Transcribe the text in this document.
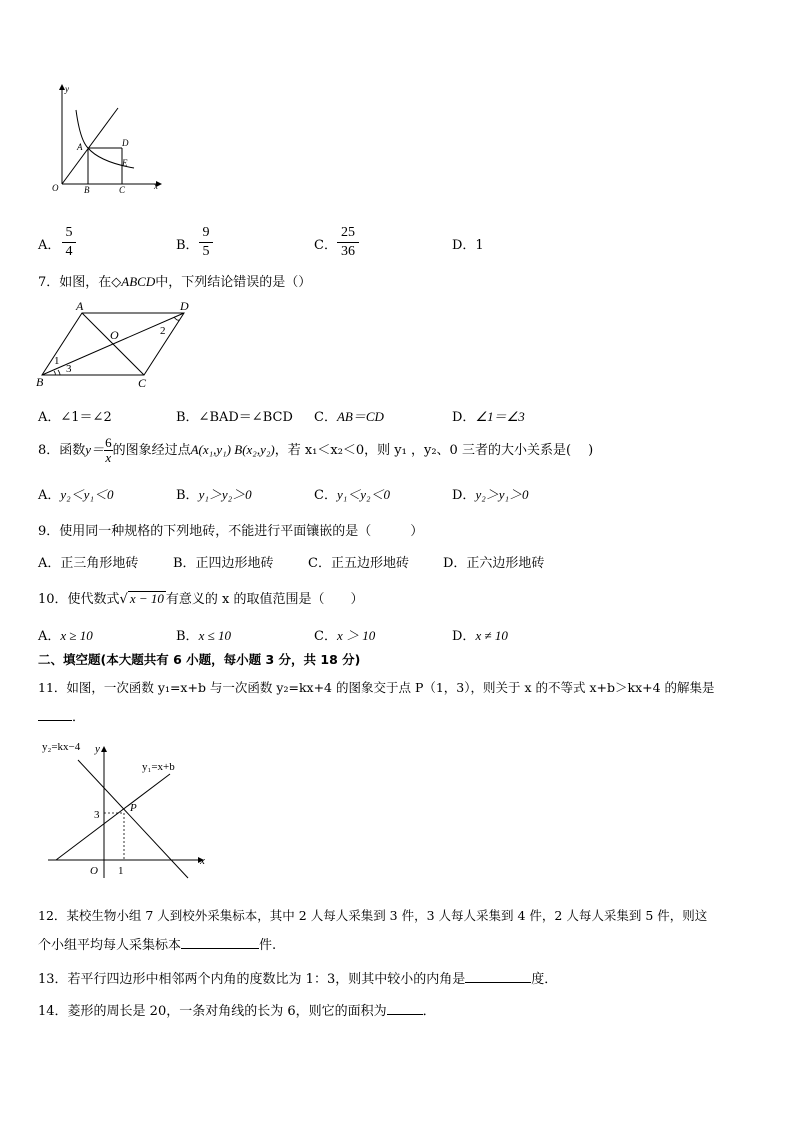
y
x
O
A
B	C
D
E
A． $\frac{5}{4}$	B． $\frac{9}{5}$	C． $\frac{25}{36}$	D．1
7．如图，在◇ABCD中，下列结论错误的是（）
A	D
B	C
O
1
2
3
A．∠1＝∠2	B．∠BAD＝∠BCD C．AB＝CD	D．∠1＝∠3
8．函数$y= \frac{6}{x}$ 的图象经过点A(x₁,y₁) B(x₂,y₂)，若 x₁＜x₂＜0，则 y₁ ，y₂、0 三者的大小关系是(　 )
A．y₂＜y₁＜0	B．y₁＞y₂＞0	C．y₁＜y₂＜0	D．y₂＞y₁＞0
9．使用同一种规格的下列地砖，不能进行平面镶嵌的是（　　　）
A．正三角形地砖	B．正四边形地砖	C．正五边形地砖	D．正六边形地砖
10．使代数式√ x − 10 有意义的 x 的取值范围是（　　）
A．x ≥ 10	B．x ≤ 10	C．x ＞ 10	D．x ≠ 10
二、填空题(本大题共有 6 小题，每小题 3 分，共 18 分)
11．如图，一次函数 y₁=x+b 与一次函数 y₂=kx+4 的图象交于点 P（1，3），则关于 x 的不等式 x+b＞kx+4 的解集是
．
y₂=kx−4 y
y₁=x+b
P
3
O 1
x
12．某校生物小组 7 人到校外采集标本，其中 2 人每人采集到 3 件，3 人每人采集到 4 件，2 人每人采集到 5 件，则这
个小组平均每人采集标本	件.
13．若平行四边形中相邻两个内角的度数比为 1：3，则其中较小的内角是	度．
14．菱形的周长是 20，一条对角线的长为 6，则它的面积为	．
